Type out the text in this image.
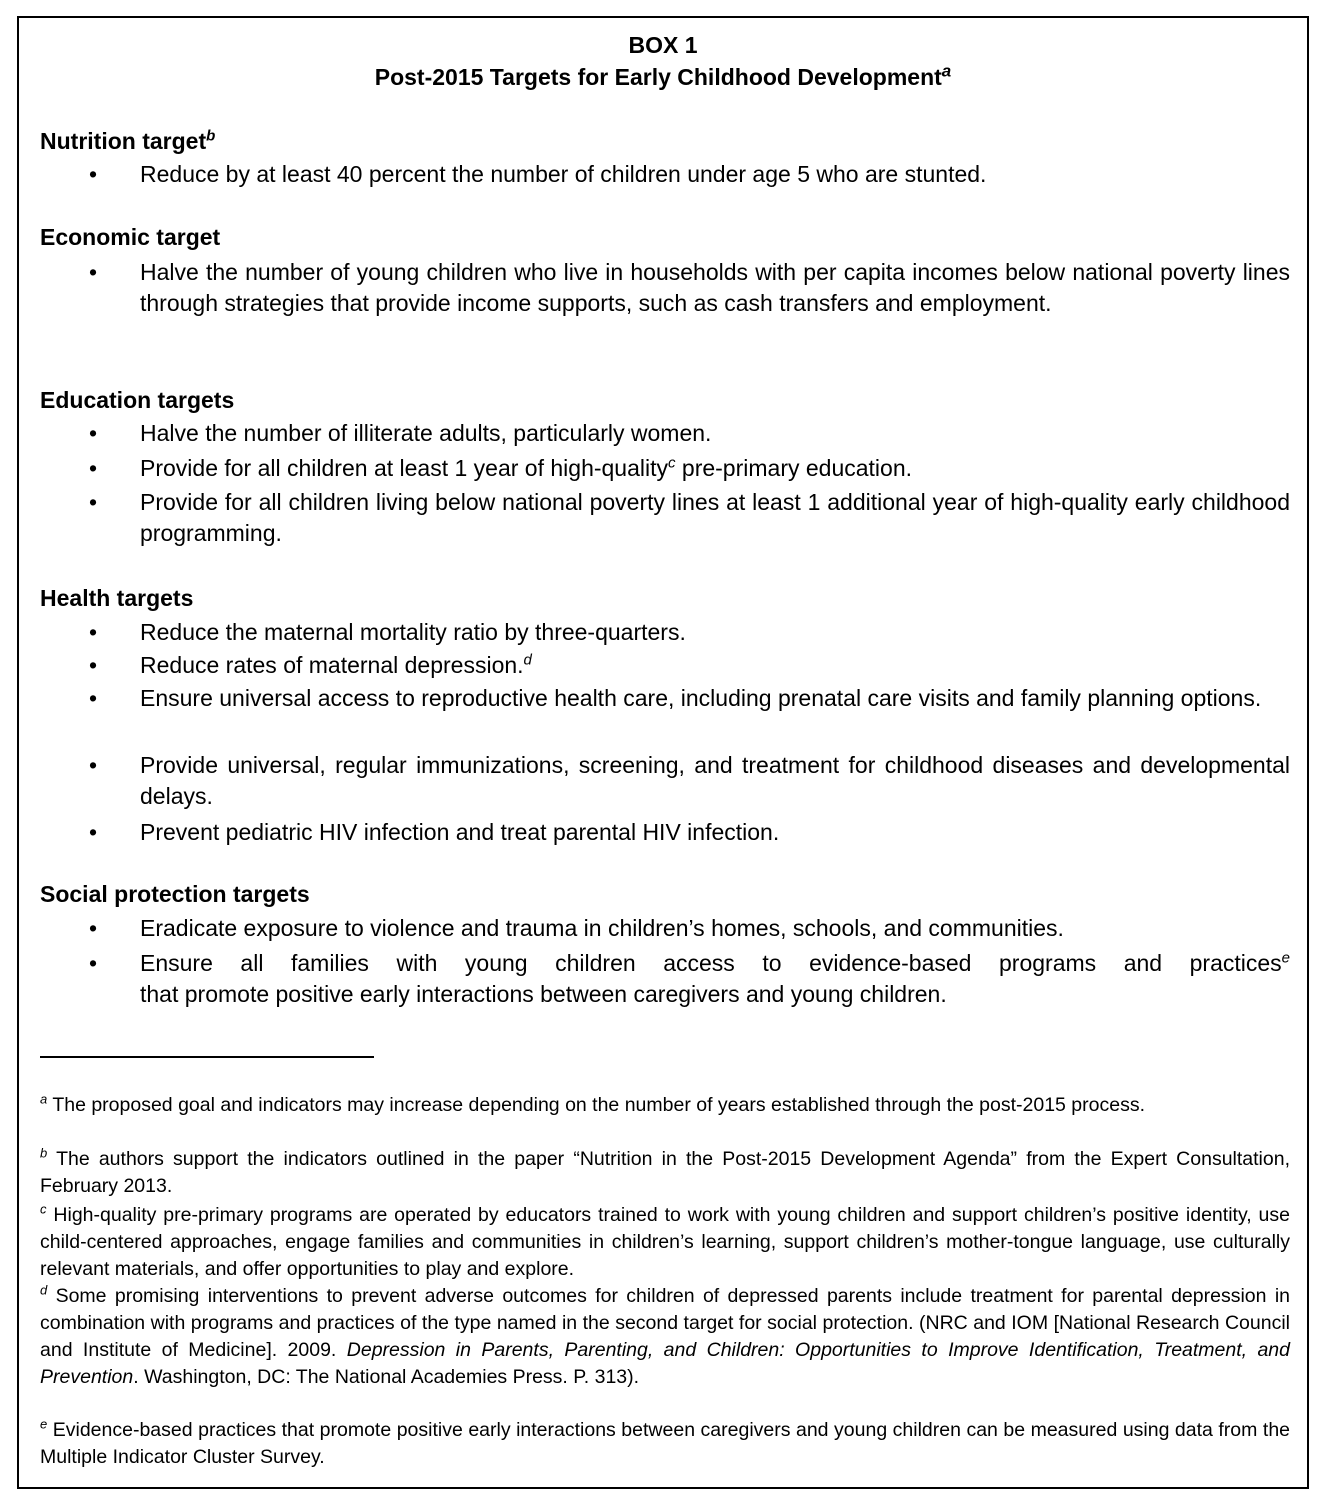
BOX 1
Post-2015 Targets for Early Childhood Development$^a$
Nutrition target$^b$
• Reduce by at least 40 percent the number of children under age 5 who are stunted.
Economic target
• Halve the number of young children who live in households with per capita incomes below national poverty lines through strategies that provide income supports, such as cash transfers and employment.
Education targets
• Halve the number of illiterate adults, particularly women.
• Provide for all children at least 1 year of high-quality$^c$ pre-primary education.
• Provide for all children living below national poverty lines at least 1 additional year of high-quality early childhood programming.
Health targets
• Reduce the maternal mortality ratio by three-quarters.
• Reduce rates of maternal depression.$^d$
• Ensure universal access to reproductive health care, including prenatal care visits and family planning options.
• Provide universal, regular immunizations, screening, and treatment for childhood diseases and developmental delays.
• Prevent pediatric HIV infection and treat parental HIV infection.
Social protection targets
• Eradicate exposure to violence and trauma in children’s homes, schools, and communities.
• Ensure all families with young children access to evidence-based programs and practices$^e$
that promote positive early interactions between caregivers and young children.
$^a$ The proposed goal and indicators may increase depending on the number of years established through the post-2015 process.
$^b$ The authors support the indicators outlined in the paper “Nutrition in the Post-2015 Development Agenda” from the Expert Consultation, February 2013.
$^c$ High-quality pre-primary programs are operated by educators trained to work with young children and support children’s positive identity, use child-centered approaches, engage families and communities in children’s learning, support children’s mother-tongue language, use culturally relevant materials, and offer opportunities to play and explore.
$^d$ Some promising interventions to prevent adverse outcomes for children of depressed parents include treatment for parental depression in combination with programs and practices of the type named in the second target for social protection. (NRC and IOM [National Research Council and Institute of Medicine]. 2009. Depression in Parents, Parenting, and Children: Opportunities to Improve Identification, Treatment, and Prevention. Washington, DC: The National Academies Press. P. 313).
$^e$ Evidence-based practices that promote positive early interactions between caregivers and young children can be measured using data from the Multiple Indicator Cluster Survey.
